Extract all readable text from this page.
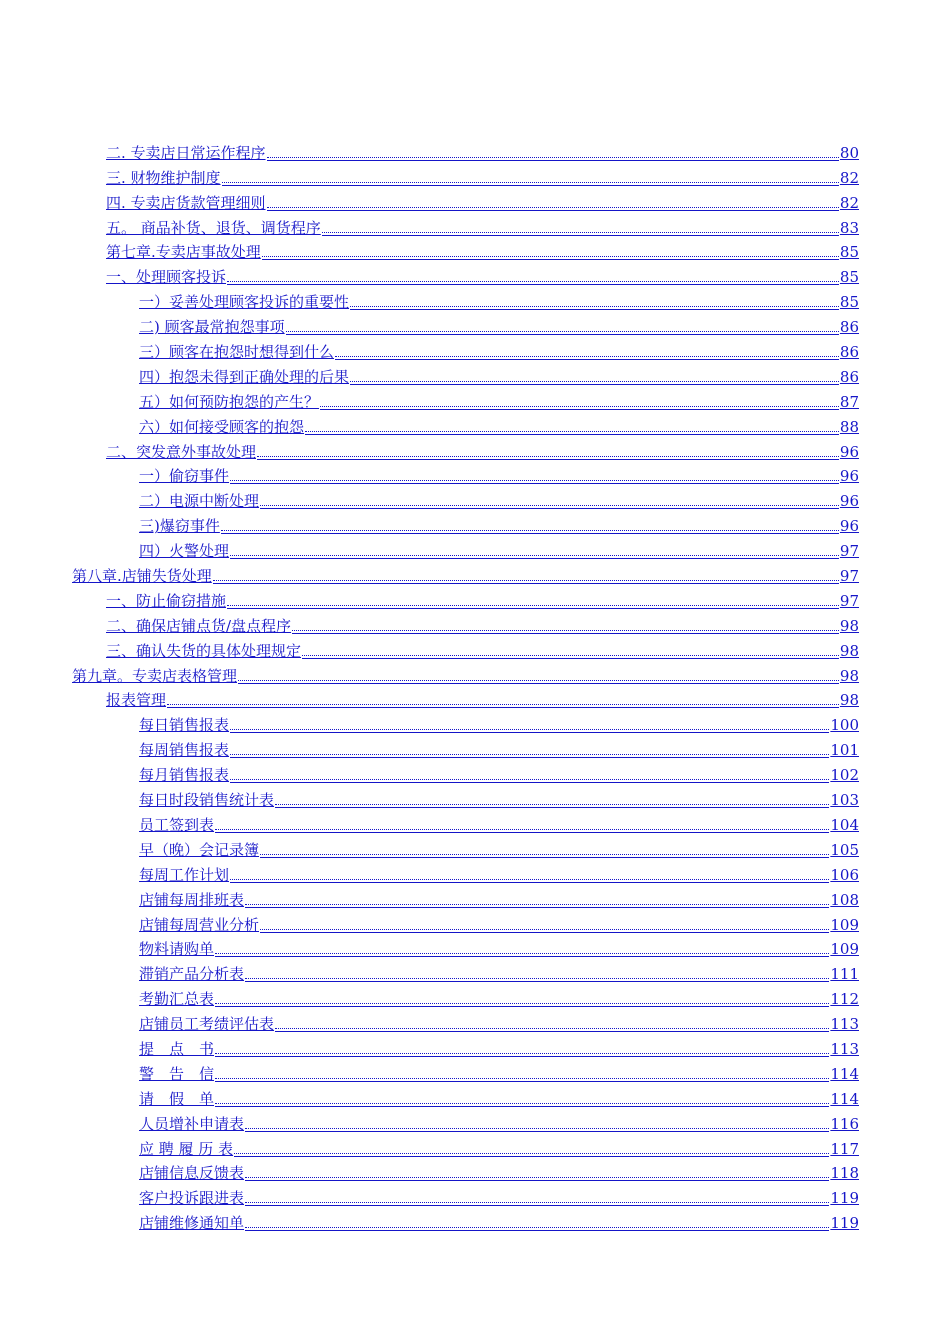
二. 专卖店日常运作程序	80
三. 财物维护制度	82
四. 专卖店货款管理细则	82
五。 商品补货、退货、调货程序	83
第七章.专卖店事故处理	85
一、处理顾客投诉	85
一）妥善处理顾客投诉的重要性	85
二) 顾客最常抱怨事项	86
三）顾客在抱怨时想得到什么	86
四）抱怨未得到正确处理的后果	86
五）如何预防抱怨的产生？	87
六）如何接受顾客的抱怨	88
二、突发意外事故处理	96
一）偷窃事件	96
二）电源中断处理	96
三)爆窃事件	96
四）火警处理	97
第八章.店铺失货处理	97
一、防止偷窃措施	97
二、确保店铺点货/盘点程序	98
三、确认失货的具体处理规定	98
第九章。专卖店表格管理	98
报表管理	98
每日销售报表	100
每周销售报表	101
每月销售报表	102
每日时段销售统计表	103
员工签到表	104
早（晚）会记录簿	105
每周工作计划	106
店铺每周排班表	108
店铺每周营业分析	109
物料请购单	109
滞销产品分析表	111
考勤汇总表	112
店铺员工考绩评估表	113
提　点　书	113
警　告　信	114
请　假　单	114
人员增补申请表	116
应 聘 履 历 表	117
店铺信息反馈表	118
客户投诉跟进表	119
店铺维修通知单	119
